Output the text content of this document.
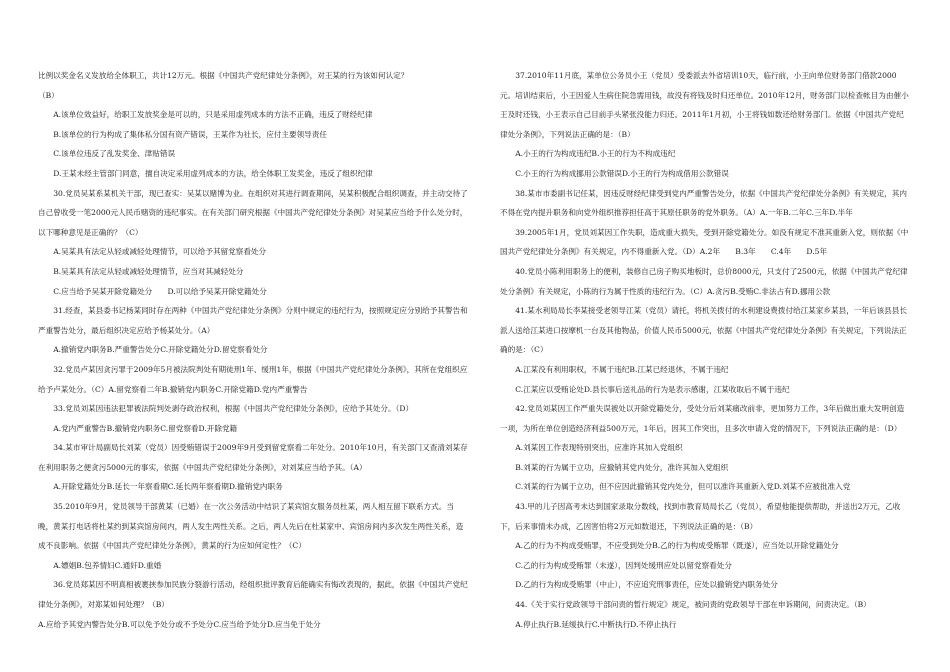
比例以奖金名义发放给全体职工，共计12万元。根据《中国共产党纪律处分条例》，对王某的行为该如何认定？

（B）

A.该单位效益好，给职工发放奖金是可以的，只是采用虚列成本的方法不正确，违反了财经纪律

B.该单位的行为构成了集体私分国有资产错误，王某作为社长，应付主要领导责任

C.该单位违反了乱发奖金、津贴错误

D.王某未经主管部门同意，擅自决定采用虚列成本的方法，给全体职工发奖金，违反了组织纪律

30.党员吴某系某机关干部，现已查实：吴某以赌博为业。在组织对其进行调查期间，吴某积极配合组织调查，并主动交待了自己曾收受一笔2000元人民币赌资的违纪事实。在有关部门研究根据《中国共产党纪律处分条例》对吴某应当给予什么处分时，以下哪种意见是正确的？（C）

A.吴某具有法定从轻或减轻处理情节，可以给予其留党察看处分

B.吴某具有法定从轻或减轻处理情节，应当对其减轻处分

C.应当给予吴某开除党籍处分　　D.可以给予吴某开除党籍处分

31.经查，某县委书记杨某同时存在两种《中国共产党纪律处分条例》分则中规定的违纪行为，按照规定应分别给予其警告和严重警告处分，最后组织决定应给予杨某处分。（A）

A.撤销党内职务B.严重警告处分C.开除党籍处分D.留党察看处分

32.党员卢某因贪污罪于2009年5月被法院判处有期徒刑1年、缓刑1年，根据《中国共产党纪律处分条例》，其所在党组织应给予卢某处分。（C）A.留党察看二年B.撤销党内职务C.开除党籍D.党内严重警告

33.党员刘某因违法犯罪被法院判处剥夺政治权利，根据《中国共产党纪律处分条例》，应给予其处分。（D）

A.党内严重警告B.撤销党内职务C.留党察看D.开除党籍

34.某市审计局副局长刘某（党员）因受贿错误于2009年9月受到留党察看二年处分。2010年10月，有关部门又查清刘某存在利用职务之便贪污5000元的事实，依据《中国共产党纪律处分条例》，对刘某应当给予其。（A）

A.开除党籍处分B.延长一年察看期C.延长两年察看期D.撤销党内职务

35.2010年9月，党员领导干部黄某（已婚）在一次公务活动中结识了某宾馆女服务员杜某，两人相互留下联系方式。当晚，黄某打电话将杜某约到某宾馆房间内，两人发生两性关系。之后，两人先后在杜某家中、宾馆房间内多次发生两性关系，造成不良影响。依据《中国共产党纪律处分条例》，黄某的行为应如何定性？（C）

A.嫖娼B.包养情妇C.通奸D.重婚

36.党员郑某因不明真相被裹挟参加民族分裂游行活动，经组织批评教育后能确实有悔改表现的，据此，依据《中国共产党纪律处分条例》，对郑某如何处理？（B）

A.应给予其党内警告处分B.可以免予处分或不予处分C.应当给予处分D.应当免于处分

37.2010年11月底，某单位公务员小王（党员）受委派去外省培训10天，临行前，小王向单位财务部门借款2000元。培训结束后，小王因爱人生病住院急需用钱，故没有将钱及时归还单位。2010年12月，财务部门以检查帐目为由催小王及时还钱，小王表示自己目前手头紧张没能力归还。2011年1月初，小王将钱如数还给财务部门。依据《中国共产党纪律处分条例》，下列说法正确的是：（B）

A.小王的行为构成违纪B.小王的行为不构成违纪

C.小王的行为构成挪用公款错误D.小王的行为构成借用公款错误

38.某市市委副书记任某，因违反财经纪律受到党内严重警告处分，依据《中国共产党纪律处分条例》有关规定，其内不得在党内提升职务和向党外组织推荐担任高于其原任职务的党外职务。（A）A.一年B.二年C.三年D.半年

39.2005年1月，党员刘某因工作失职，造成重大损失，受到开除党籍处分。如没有规定不准其重新入党，则依据《中国共产党纪律处分条例》有关规定，内不得重新入党。（D）A.2年　　B.3年　　C.4年　　D.5年

40.党员小陈利用职务上的便利，装修自己房子购买地板时，总价8000元，只支付了2500元，依据《中国共产党纪律处分条例》有关规定，小陈的行为属于性质的违纪行为。（C）A.贪污B.受贿C.非法占有D.挪用公款

41.某水利局局长李某接受老领导江某（党员）请托，将机关拨付的水利建设费拨付给江某家乡某县，一年后该县县长派人送给江某进口按摩机一台及其他物品，价值人民币5000元，依据《中国共产党纪律处分条例》有关规定，下列说法正确的是：（C）

A.江某没有利用职权，不属于违纪B.江某已经退休，不属于违纪

C.江某应以受贿论处D.县长事后送礼品的行为是表示感谢，江某收取后不属于违纪

42.党员刘某因工作严重失误被处以开除党籍处分，受处分后刘某痛改前非，更加努力工作，3年后做出重大发明创造一项，为所在单位创造经济利益500万元，1年后，因其工作突出，且多次申请入党的情况下，下列说法正确的是：（D）

A.刘某因工作表现特别突出，应准许其加入党组织

B.刘某的行为属于立功，应撤销其党内处分，准许其加入党组织

C.刘某的行为属于立功，但不应因此撤销其党内处分，但可以准许其重新入党D.刘某不应被批准入党

43.甲的儿子因高考未达到国家录取分数线，找到市教育局局长乙（党员），希望他能提供帮助，并送出2万元，乙收下，后来事情未办成，乙因害怕将2万元如数退还，下列说法正确的是：（B）

A.乙的行为不构成受贿罪，不应受到处分B.乙的行为构成受贿罪（既遂），应当处以开除党籍处分

C.乙的行为构成受贿罪（未遂），因判处缓刑应处以留党察看处分

D.乙的行为构成受贿罪（中止），不应追究刑事责任，应处以撤销党内职务处分

44.《关于实行党政领导干部问责的暂行规定》规定，被问责的党政领导干部在申诉期间，问责决定。（B）

A.停止执行B.延缓执行C.中断执行D.不停止执行
